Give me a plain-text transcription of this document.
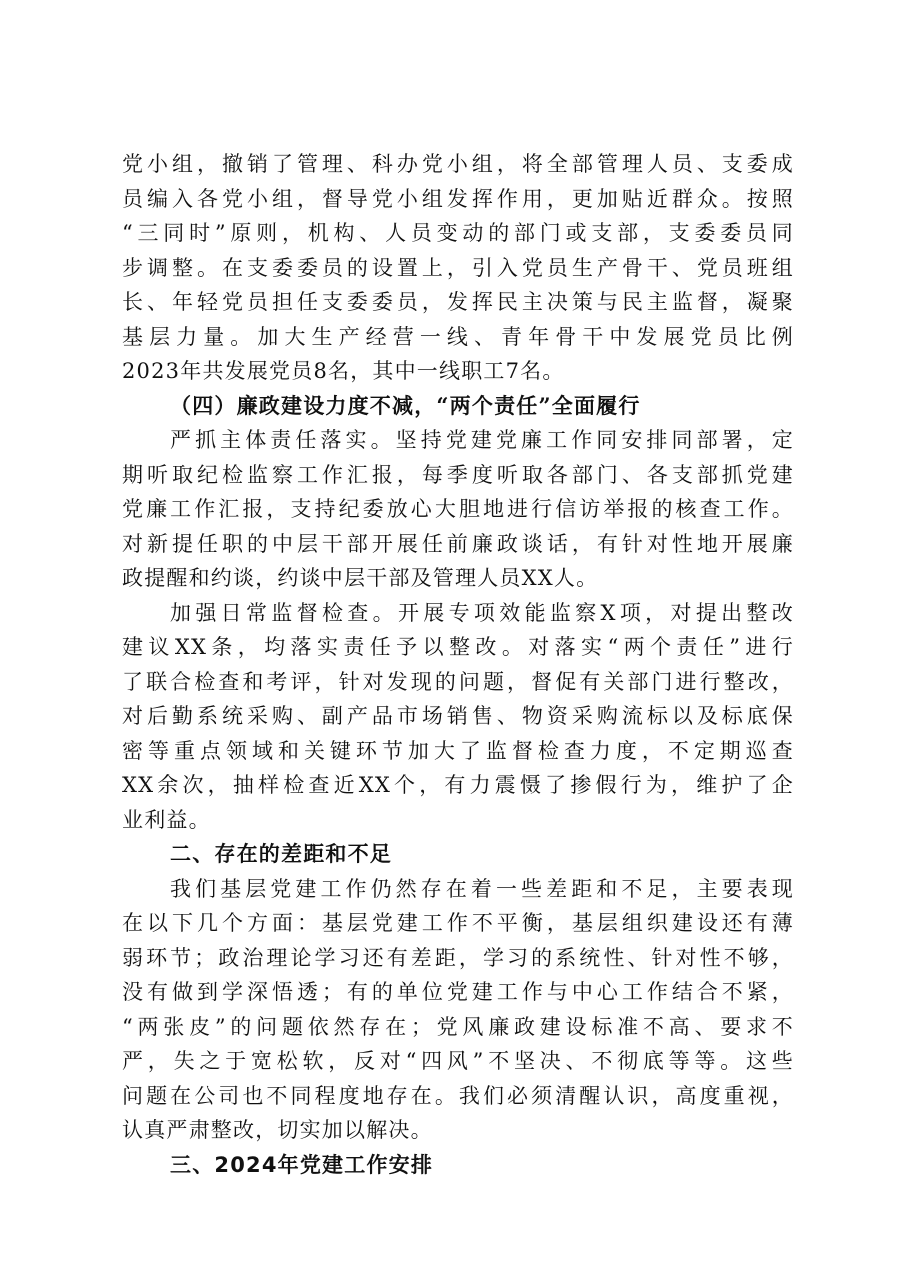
党小组，撤销了管理、科办党小组，将全部管理人员、支委成
员编入各党小组，督导党小组发挥作用，更加贴近群众。按照
“三同时”原则，机构、人员变动的部门或支部，支委委员同
步调整。在支委委员的设置上，引入党员生产骨干、党员班组
长、年轻党员担任支委委员，发挥民主决策与民主监督，凝聚
基层力量。加大生产经营一线、青年骨干中发展党员比例
2023年共发展党员8名，其中一线职工7名。
（四）廉政建设力度不减，“两个责任”全面履行
严抓主体责任落实。坚持党建党廉工作同安排同部署，定
期听取纪检监察工作汇报，每季度听取各部门、各支部抓党建
党廉工作汇报，支持纪委放心大胆地进行信访举报的核查工作。
对新提任职的中层干部开展任前廉政谈话，有针对性地开展廉
政提醒和约谈，约谈中层干部及管理人员XX人。
加强日常监督检查。开展专项效能监察X项，对提出整改
建议XX条，均落实责任予以整改。对落实“两个责任”进行
了联合检查和考评，针对发现的问题，督促有关部门进行整改，
对后勤系统采购、副产品市场销售、物资采购流标以及标底保
密等重点领域和关键环节加大了监督检查力度，不定期巡查
XX余次，抽样检查近XX个，有力震慑了掺假行为，维护了企
业利益。
二、存在的差距和不足
我们基层党建工作仍然存在着一些差距和不足，主要表现
在以下几个方面：基层党建工作不平衡，基层组织建设还有薄
弱环节；政治理论学习还有差距，学习的系统性、针对性不够，
没有做到学深悟透；有的单位党建工作与中心工作结合不紧，
“两张皮”的问题依然存在；党风廉政建设标准不高、要求不
严，失之于宽松软，反对“四风”不坚决、不彻底等等。这些
问题在公司也不同程度地存在。我们必须清醒认识，高度重视，
认真严肃整改，切实加以解决。
三、2024年党建工作安排
